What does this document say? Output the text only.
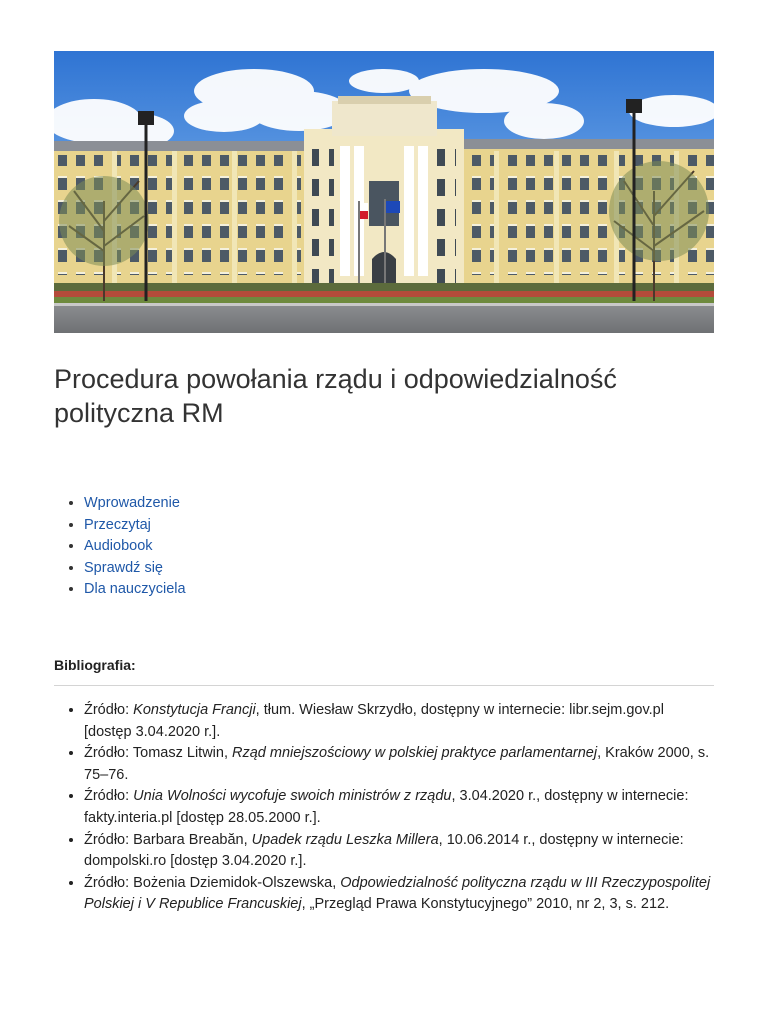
Procedura powołania rządu i odpowiedzialność polityczna RM
• Wprowadzenie
• Przeczytaj
• Audiobook
• Sprawdź się
• Dla nauczyciela

Bibliografia:

• Źródło: Konstytucja Francji, tłum. Wiesław Skrzydło, dostępny w internecie: libr.sejm.gov.pl [dostęp 3.04.2020 r.].
• Źródło: Tomasz Litwin, Rząd mniejszościowy w polskiej praktyce parlamentarnej, Kraków 2000, s. 75–76.
• Źródło: Unia Wolności wycofuje swoich ministrów z rządu, 3.04.2020 r., dostępny w internecie: fakty.interia.pl [dostęp 28.05.2000 r.].
• Źródło: Barbara Breabăn, Upadek rządu Leszka Millera, 10.06.2014 r., dostępny w internecie: dompolski.ro [dostęp 3.04.2020 r.].
• Źródło: Bożenia Dziemidok-Olszewska, Odpowiedzialność polityczna rządu w III Rzeczypospolitej Polskiej i V Republice Francuskiej, „Przegląd Prawa Konstytucyjnego” 2010, nr 2, 3, s. 212.
